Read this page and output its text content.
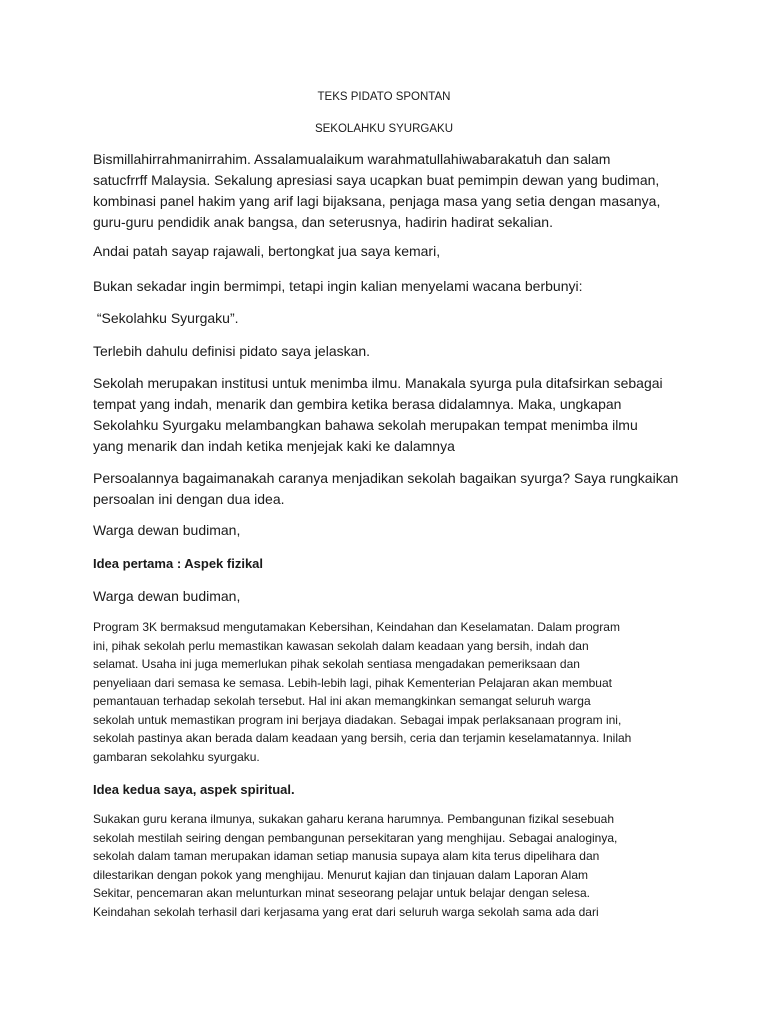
TEKS PIDATO SPONTAN
SEKOLAHKU SYURGAKU

Bismillahirrahmanirrahim. Assalamualaikum warahmatullahiwabarakatuh dan salam
satucfrrff Malaysia. Sekalung apresiasi saya ucapkan buat pemimpin dewan yang budiman,
kombinasi panel hakim yang arif lagi bijaksana, penjaga masa yang setia dengan masanya,
guru-guru pendidik anak bangsa, dan seterusnya, hadirin hadirat sekalian.

Andai patah sayap rajawali, bertongkat jua saya kemari,

Bukan sekadar ingin bermimpi, tetapi ingin kalian menyelami wacana berbunyi:

“Sekolahku Syurgaku”.

Terlebih dahulu definisi pidato saya jelaskan.

Sekolah merupakan institusi untuk menimba ilmu. Manakala syurga pula ditafsirkan sebagai
tempat yang indah, menarik dan gembira ketika berasa didalamnya. Maka, ungkapan
Sekolahku Syurgaku melambangkan bahawa sekolah merupakan tempat menimba ilmu
yang menarik dan indah ketika menjejak kaki ke dalamnya

Persoalannya bagaimanakah caranya menjadikan sekolah bagaikan syurga? Saya rungkaikan
persoalan ini dengan dua idea.

Warga dewan budiman,

Idea pertama : Aspek fizikal

Warga dewan budiman,

Program 3K bermaksud mengutamakan Kebersihan, Keindahan dan Keselamatan. Dalam program
ini, pihak sekolah perlu memastikan kawasan sekolah dalam keadaan yang bersih, indah dan
selamat. Usaha ini juga memerlukan pihak sekolah sentiasa mengadakan pemeriksaan dan
penyeliaan dari semasa ke semasa. Lebih-lebih lagi, pihak Kementerian Pelajaran akan membuat
pemantauan terhadap sekolah tersebut. Hal ini akan memangkinkan semangat seluruh warga
sekolah untuk memastikan program ini berjaya diadakan. Sebagai impak perlaksanaan program ini,
sekolah pastinya akan berada dalam keadaan yang bersih, ceria dan terjamin keselamatannya. Inilah
gambaran sekolahku syurgaku.

Idea kedua saya, aspek spiritual.

Sukakan guru kerana ilmunya, sukakan gaharu kerana harumnya. Pembangunan fizikal sesebuah
sekolah mestilah seiring dengan pembangunan persekitaran yang menghijau. Sebagai analoginya,
sekolah dalam taman merupakan idaman setiap manusia supaya alam kita terus dipelihara dan
dilestarikan dengan pokok yang menghijau. Menurut kajian dan tinjauan dalam Laporan Alam
Sekitar, pencemaran akan melunturkan minat seseorang pelajar untuk belajar dengan selesa.
Keindahan sekolah terhasil dari kerjasama yang erat dari seluruh warga sekolah sama ada dari
